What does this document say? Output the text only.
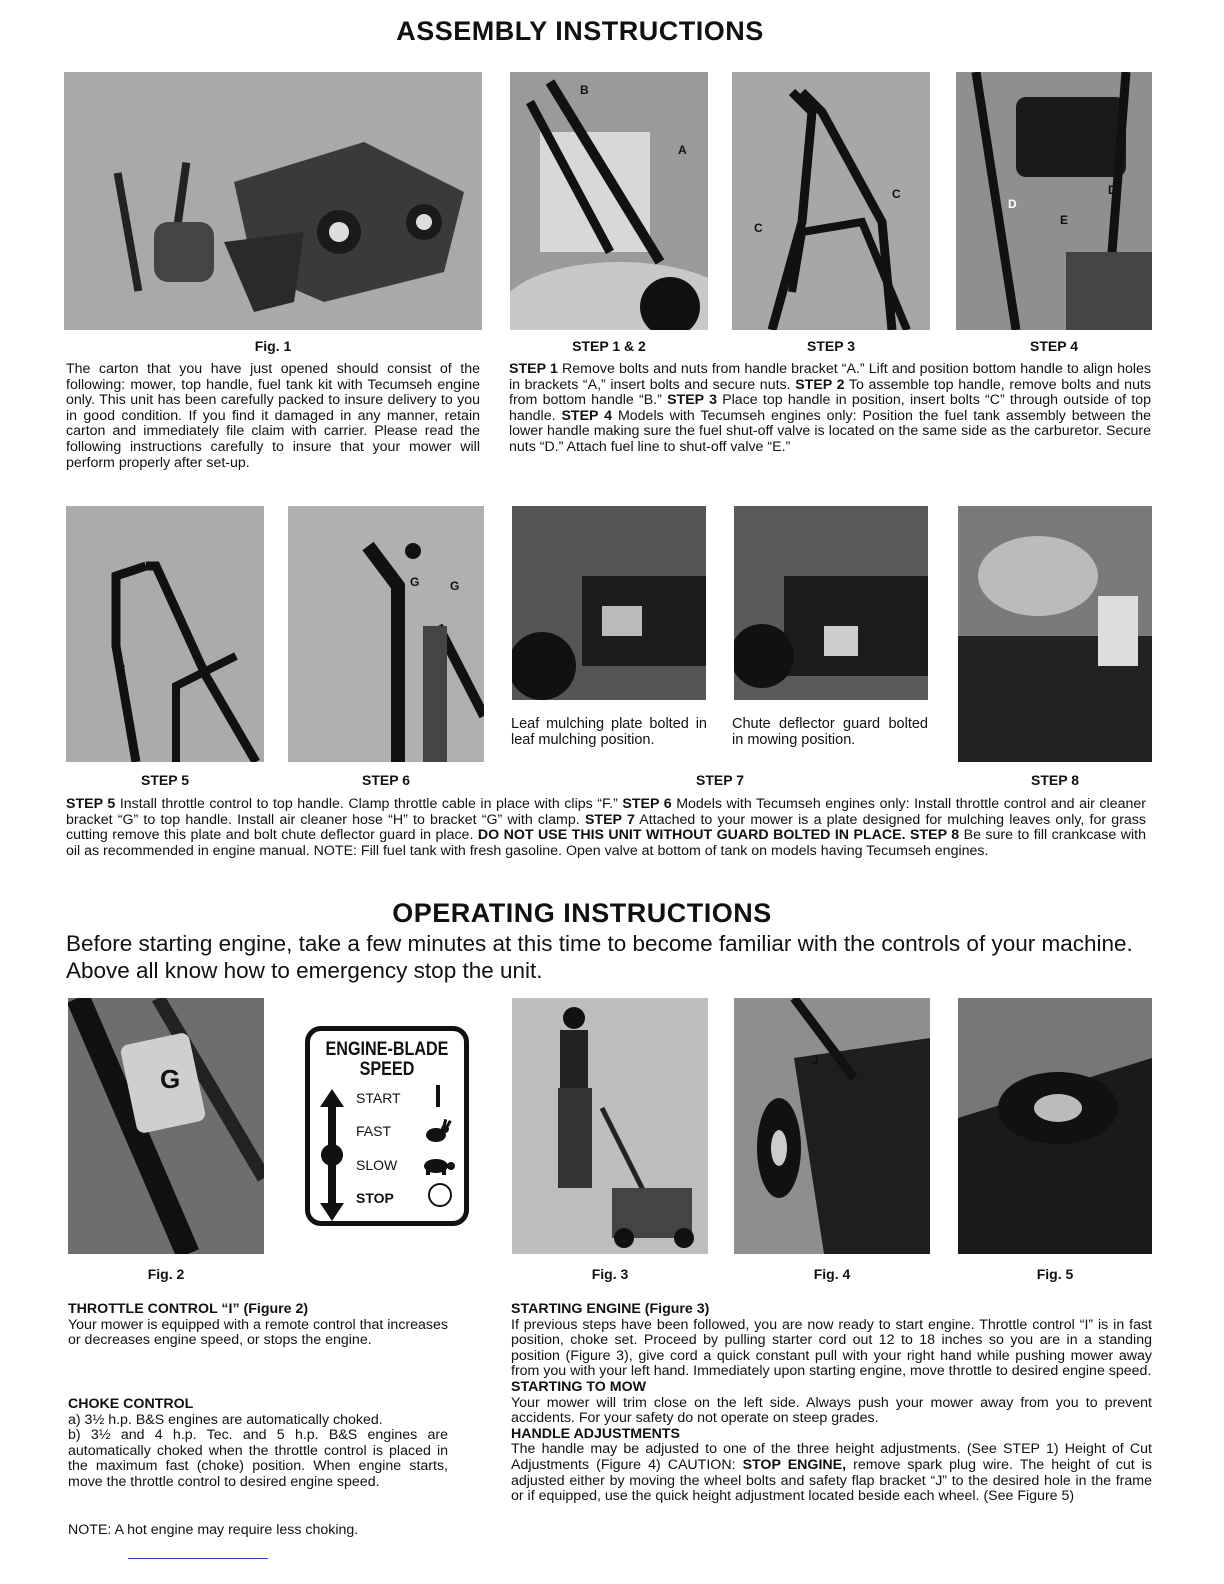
ASSEMBLY INSTRUCTIONS
Fig. 1
The carton that you have just opened should consist of the following: mower, top handle, fuel tank kit with Tecumseh engine only. This unit has been carefully packed to insure delivery to you in good condition. If you find it damaged in any manner, retain carton and immediately file claim with carrier. Please read the following instructions carefully to insure that your mower will perform properly after set-up.
B
A
C
C
D
D
E
STEP 1 & 2	STEP 3	STEP 4
STEP 1 Remove bolts and nuts from handle bracket “A.” Lift and position bottom handle to align holes in brackets “A,” insert bolts and secure nuts. STEP 2 To assemble top handle, remove bolts and nuts from bottom handle “B.” STEP 3 Place top handle in position, insert bolts “C” through outside of top handle. STEP 4 Models with Tecumseh engines only: Position the fuel tank assembly between the lower handle making sure the fuel shut-off valve is located on the same side as the carburetor. Secure nuts “D.” Attach fuel line to shut-off valve “E.”
F
G	G
H
Leaf mulching plate bolted in leaf mulching position.
Chute deflector guard bolted in mowing position.
STEP 5	STEP 6	STEP 7	STEP 8
STEP 5 Install throttle control to top handle. Clamp throttle cable in place with clips “F.” STEP 6 Models with Tecumseh engines only: Install throttle control and air cleaner bracket “G” to top handle. Install air cleaner hose “H” to bracket “G” with clamp. STEP 7 Attached to your mower is a plate designed for mulching leaves only, for grass cutting remove this plate and bolt chute deflector guard in place. DO NOT USE THIS UNIT WITHOUT GUARD BOLTED IN PLACE. STEP 8 Be sure to fill crankcase with oil as recommended in engine manual. NOTE: Fill fuel tank with fresh gasoline. Open valve at bottom of tank on models having Tecumseh engines.
OPERATING INSTRUCTIONS
Before starting engine, take a few minutes at this time to become familiar with the controls of your machine. Above all know how to emergency stop the unit.
G
ENGINE-BLADE
SPEED
START
FAST
SLOW
STOP
J
Fig. 2	Fig. 3	Fig. 4	Fig. 5
THROTTLE CONTROL “I” (Figure 2)
Your mower is equipped with a remote control that increases or decreases engine speed, or stops the engine.
CHOKE CONTROL
a) 3½ h.p. B&S engines are automatically choked.
b) 3½ and 4 h.p. Tec. and 5 h.p. B&S engines are automatically choked when the throttle control is placed in the maximum fast (choke) position. When engine starts, move the throttle control to desired engine speed.
NOTE: A hot engine may require less choking.
STARTING ENGINE (Figure 3)
If previous steps have been followed, you are now ready to start engine. Throttle control “I” is in fast position, choke set. Proceed by pulling starter cord out 12 to 18 inches so you are in a standing position (Figure 3), give cord a quick constant pull with your right hand while pushing mower away from you with your left hand. Immediately upon starting engine, move throttle to desired engine speed.
STARTING TO MOW
Your mower will trim close on the left side. Always push your mower away from you to prevent accidents. For your safety do not operate on steep grades.
HANDLE ADJUSTMENTS
The handle may be adjusted to one of the three height adjustments. (See STEP 1) Height of Cut Adjustments (Figure 4) CAUTION: STOP ENGINE, remove spark plug wire. The height of cut is adjusted either by moving the wheel bolts and safety flap bracket “J” to the desired hole in the frame or if equipped, use the quick height adjustment located beside each wheel. (See Figure 5)
